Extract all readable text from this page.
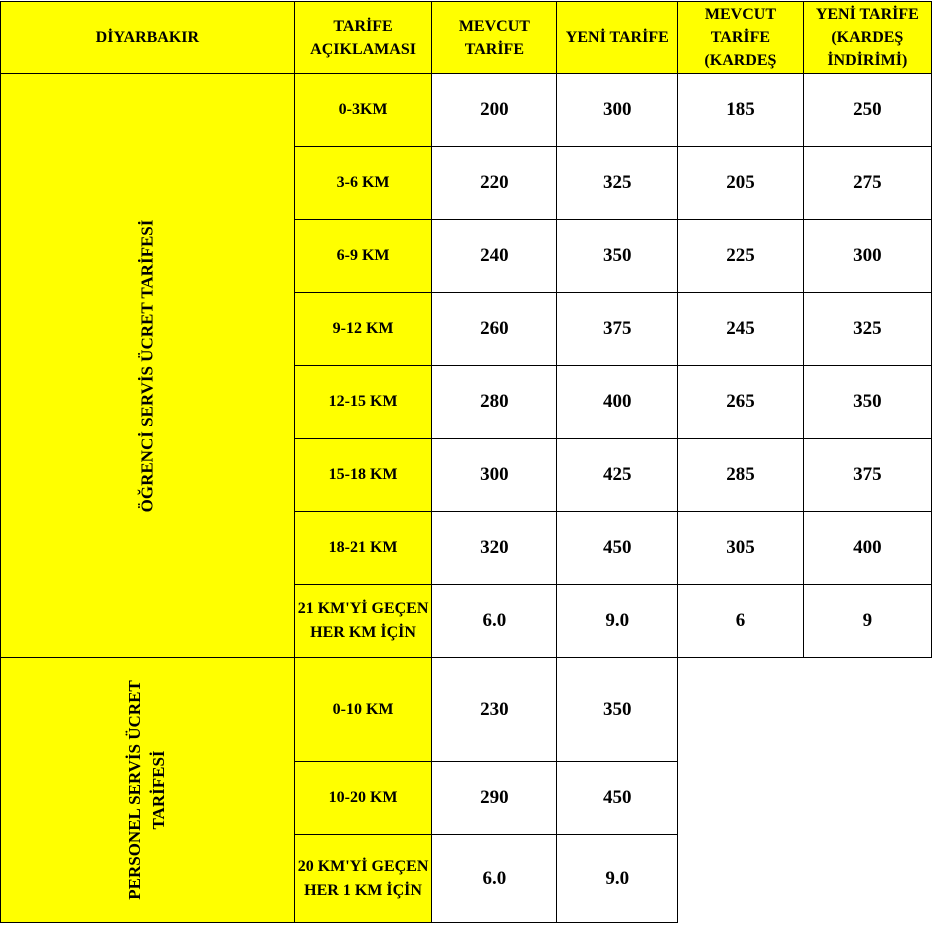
DİYARBAKIR	TARİFE AÇIKLAMASI	MEVCUT TARİFE	YENİ TARİFE	MEVCUT TARİFE (KARDEŞ	YENİ TARİFE (KARDEŞ İNDİRİMİ)
ÖĞRENCİ SERVİS ÜCRET TARİFESİ	0-3KM	200	300	185	250
	3-6 KM	220	325	205	275
	6-9 KM	240	350	225	300
	9-12 KM	260	375	245	325
	12-15 KM	280	400	265	350
	15-18 KM	300	425	285	375
	18-21 KM	320	450	305	400
	21 KM'Yİ GEÇEN HER KM İÇİN	6.0	9.0	6	9
PERSONEL SERVİS ÜCRET TARİFESİ	0-10 KM	230	350		
	10-20 KM	290	450		
	20 KM'Yİ GEÇEN HER 1 KM İÇİN	6.0	9.0		
